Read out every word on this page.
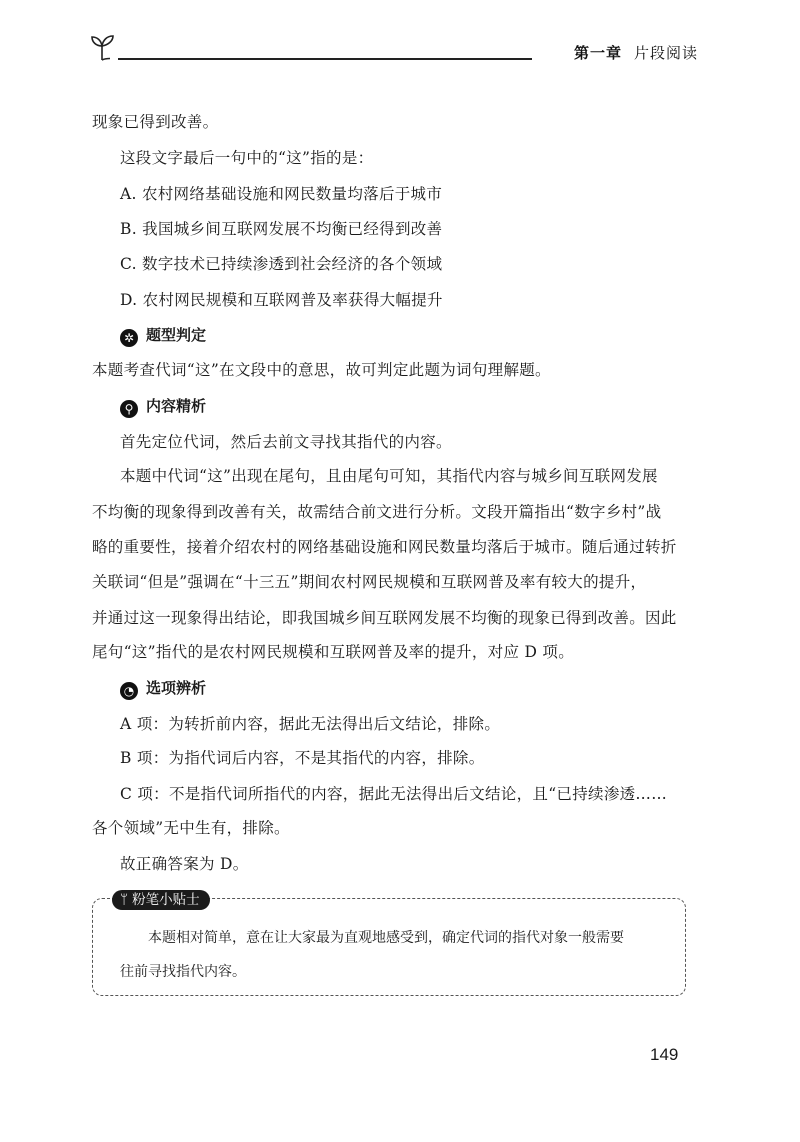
第一章 片段阅读
现象已得到改善。
这段文字最后一句中的“这”指的是：
A. 农村网络基础设施和网民数量均落后于城市
B. 我国城乡间互联网发展不均衡已经得到改善
C. 数字技术已持续渗透到社会经济的各个领域
D. 农村网民规模和互联网普及率获得大幅提升
✲ 题型判定
本题考查代词“这”在文段中的意思，故可判定此题为词句理解题。
⚲ 内容精析
首先定位代词，然后去前文寻找其指代的内容。
本题中代词“这”出现在尾句，且由尾句可知，其指代内容与城乡间互联网发展
不均衡的现象得到改善有关，故需结合前文进行分析。文段开篇指出“数字乡村”战
略的重要性，接着介绍农村的网络基础设施和网民数量均落后于城市。随后通过转折
关联词“但是”强调在“十三五”期间农村网民规模和互联网普及率有较大的提升，
并通过这一现象得出结论，即我国城乡间互联网发展不均衡的现象已得到改善。因此
尾句“这”指代的是农村网民规模和互联网普及率的提升，对应 D 项。
◔ 选项辨析
A 项：为转折前内容，据此无法得出后文结论，排除。
B 项：为指代词后内容，不是其指代的内容，排除。
C 项：不是指代词所指代的内容，据此无法得出后文结论，且“已持续渗透……
各个领域”无中生有，排除。
故正确答案为 D。
ᛘ 粉笔小贴士
本题相对简单，意在让大家最为直观地感受到，确定代词的指代对象一般需要
往前寻找指代内容。
149
